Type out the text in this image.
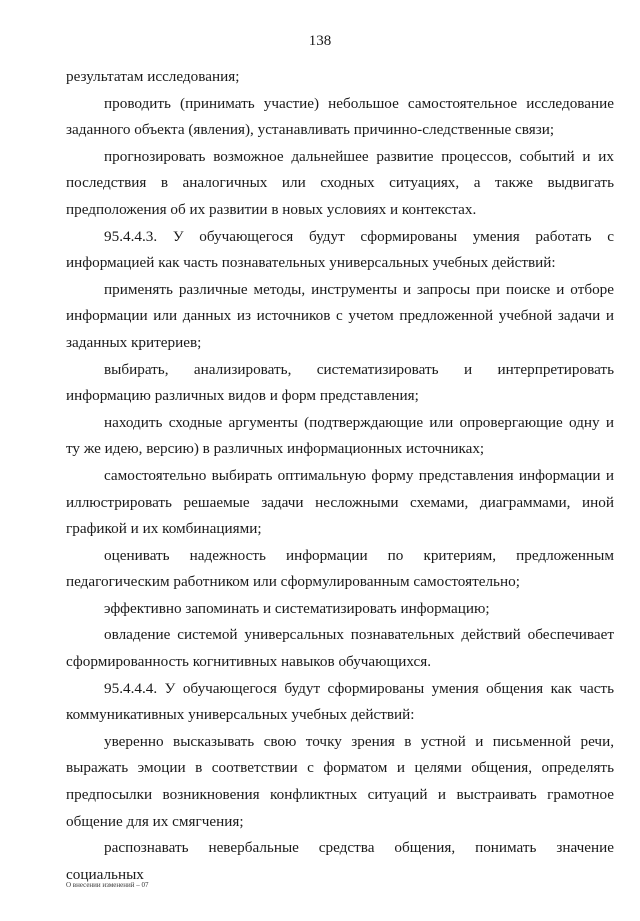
138

результатам исследования;

проводить (принимать участие) небольшое самостоятельное исследование заданного объекта (явления), устанавливать причинно-следственные связи;

прогнозировать возможное дальнейшее развитие процессов, событий и их последствия в аналогичных или сходных ситуациях, а также выдвигать предположения об их развитии в новых условиях и контекстах.

95.4.4.3. У обучающегося будут сформированы умения работать с информацией как часть познавательных универсальных учебных действий:

применять различные методы, инструменты и запросы при поиске и отборе информации или данных из источников с учетом предложенной учебной задачи и заданных критериев;

выбирать, анализировать, систематизировать и интерпретировать информацию различных видов и форм представления;

находить сходные аргументы (подтверждающие или опровергающие одну и ту же идею, версию) в различных информационных источниках;

самостоятельно выбирать оптимальную форму представления информации и иллюстрировать решаемые задачи несложными схемами, диаграммами, иной графикой и их комбинациями;

оценивать надежность информации по критериям, предложенным педагогическим работником или сформулированным самостоятельно;

эффективно запоминать и систематизировать информацию;

овладение системой универсальных познавательных действий обеспечивает сформированность когнитивных навыков обучающихся.

95.4.4.4. У обучающегося будут сформированы умения общения как часть коммуникативных универсальных учебных действий:

уверенно высказывать свою точку зрения в устной и письменной речи, выражать эмоции в соответствии с форматом и целями общения, определять предпосылки возникновения конфликтных ситуаций и выстраивать грамотное общение для их смягчения;

распознавать невербальные средства общения, понимать значение социальных

О внесении изменений – 07
